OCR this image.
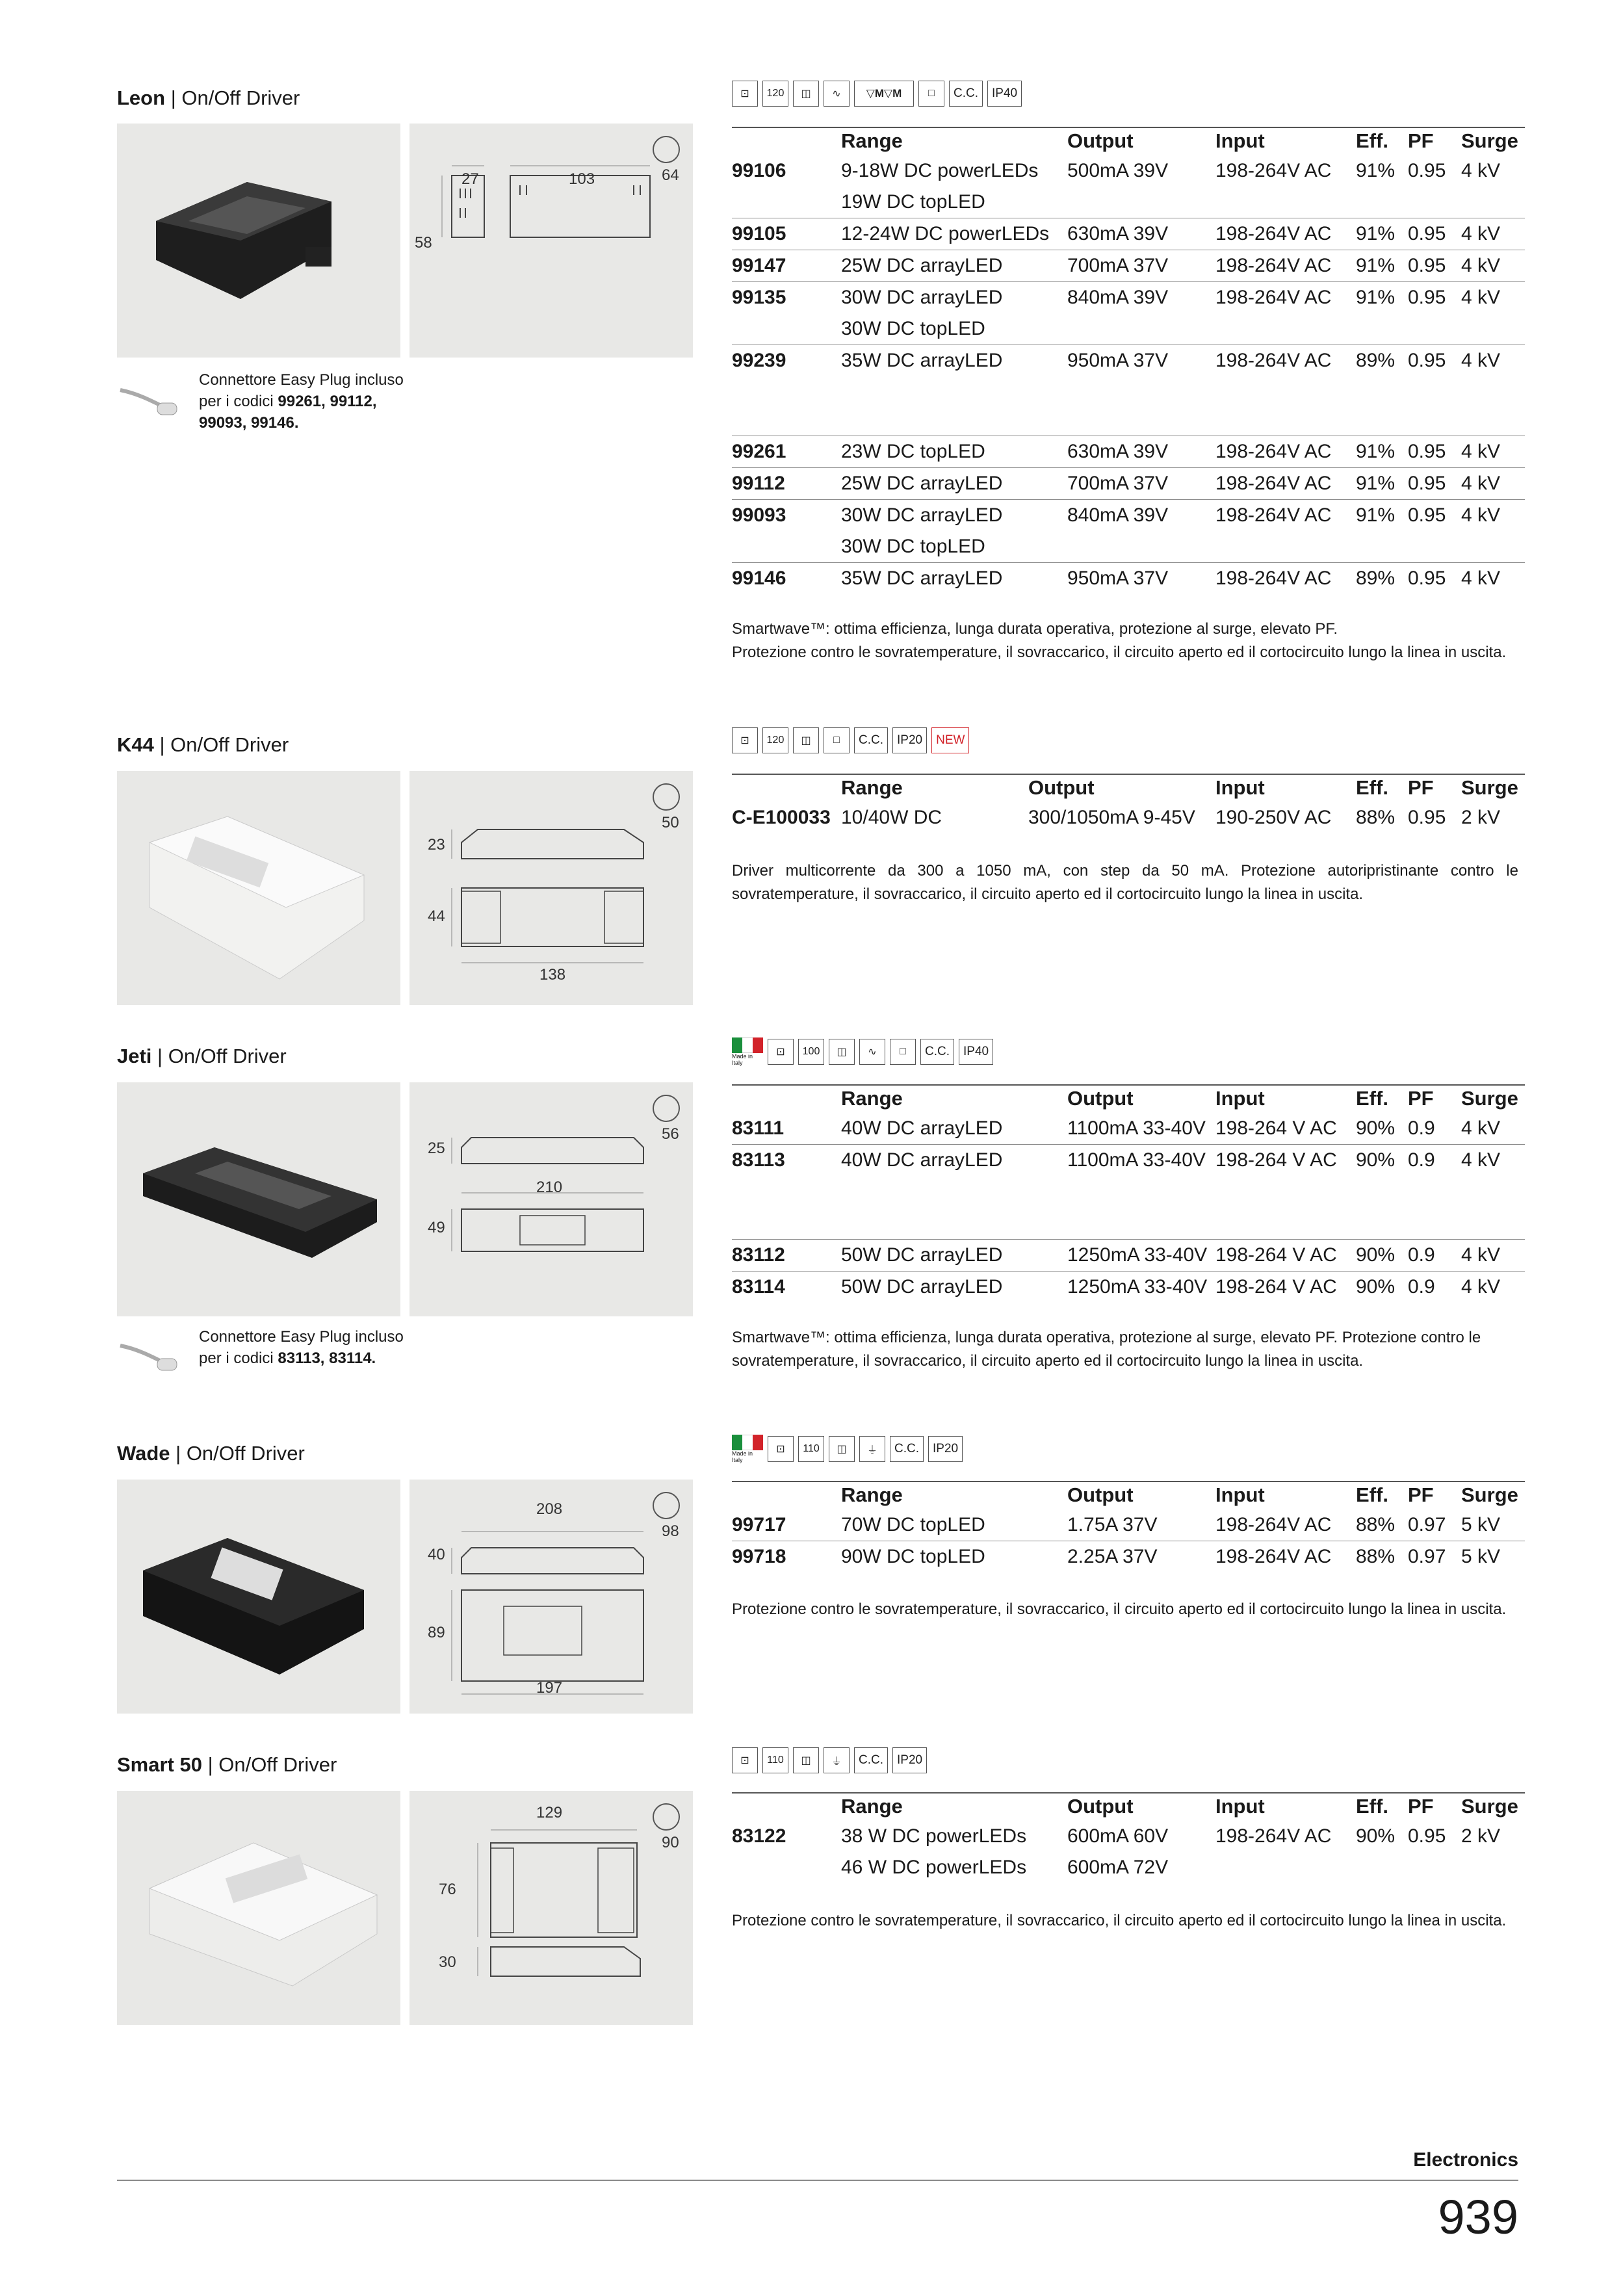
Leon | On/Off Driver
27	103	64
58
Connettore Easy Plug incluso
per i codici 99261, 99112,
99093, 99146.
⊡	120	◫	∿	▽ M ▽ M	□	C.C.	IP40
	Range	Output	Input	Eff.	PF	Surge
99106	9-18W DC powerLEDs	500mA 39V	198-264V AC	91%	0.95	4 kV
	19W DC topLED					
99105	12-24W DC powerLEDs	630mA 39V	198-264V AC	91%	0.95	4 kV
99147	25W DC arrayLED	700mA 37V	198-264V AC	91%	0.95	4 kV
99135	30W DC arrayLED	840mA 39V	198-264V AC	91%	0.95	4 kV
	30W DC topLED					
99239	35W DC arrayLED	950mA 37V	198-264V AC	89%	0.95	4 kV
99261	23W DC topLED	630mA 39V	198-264V AC	91%	0.95	4 kV
99112	25W DC arrayLED	700mA 37V	198-264V AC	91%	0.95	4 kV
99093	30W DC arrayLED	840mA 39V	198-264V AC	91%	0.95	4 kV
	30W DC topLED					
99146	35W DC arrayLED	950mA 37V	198-264V AC	89%	0.95	4 kV
Smartwave™: ottima efficienza, lunga durata operativa, protezione al surge, elevato PF.
Protezione contro le sovratemperature, il sovraccarico, il circuito aperto ed il cortocircuito lungo la linea in uscita.
K44 | On/Off Driver
50
23
44
138
⊡	120	◫	□	C.C.	IP20	NEW
	Range	Output	Input	Eff.	PF	Surge
C-E100033	10/40W DC	300/1050mA 9-45V	190-250V AC	88%	0.95	2 kV
Driver multicorrente da 300 a 1050 mA, con step da 50 mA. Protezione autoripristinante contro le sovratemperature, il sovraccarico, il circuito aperto ed il cortocircuito lungo la linea in uscita.
Jeti | On/Off Driver
56
25
210
49
Connettore Easy Plug incluso
per i codici 83113, 83114.
Made in Italy
⊡	100	◫	∿	□	C.C.	IP40
	Range	Output	Input	Eff.	PF	Surge
83111	40W DC arrayLED	1100mA 33-40V	198-264 V AC	90%	0.9	4 kV
83113	40W DC arrayLED	1100mA 33-40V	198-264 V AC	90%	0.9	4 kV
83112	50W DC arrayLED	1250mA 33-40V	198-264 V AC	90%	0.9	4 kV
83114	50W DC arrayLED	1250mA 33-40V	198-264 V AC	90%	0.9	4 kV
Smartwave™: ottima efficienza, lunga durata operativa, protezione al surge, elevato PF. Protezione contro le sovratemperature, il sovraccarico, il circuito aperto ed il cortocircuito lungo la linea in uscita.
Wade | On/Off Driver
208
98
40
89
197
Made in Italy
⊡	110	◫	⏚	C.C.	IP20
	Range	Output	Input	Eff.	PF	Surge
99717	70W DC topLED	1.75A 37V	198-264V AC	88%	0.97	5 kV
99718	90W DC topLED	2.25A 37V	198-264V AC	88%	0.97	5 kV
Protezione contro le sovratemperature, il sovraccarico, il circuito aperto ed il cortocircuito lungo la linea in uscita.
Smart 50 | On/Off Driver
129
90
76
30
⊡	110	◫	⏚	C.C.	IP20
	Range	Output	Input	Eff.	PF	Surge
83122	38 W DC powerLEDs	600mA 60V	198-264V AC	90%	0.95	2 kV
	46 W DC powerLEDs	600mA 72V				
Protezione contro le sovratemperature, il sovraccarico, il circuito aperto ed il cortocircuito lungo la linea in uscita.
Electronics
939
